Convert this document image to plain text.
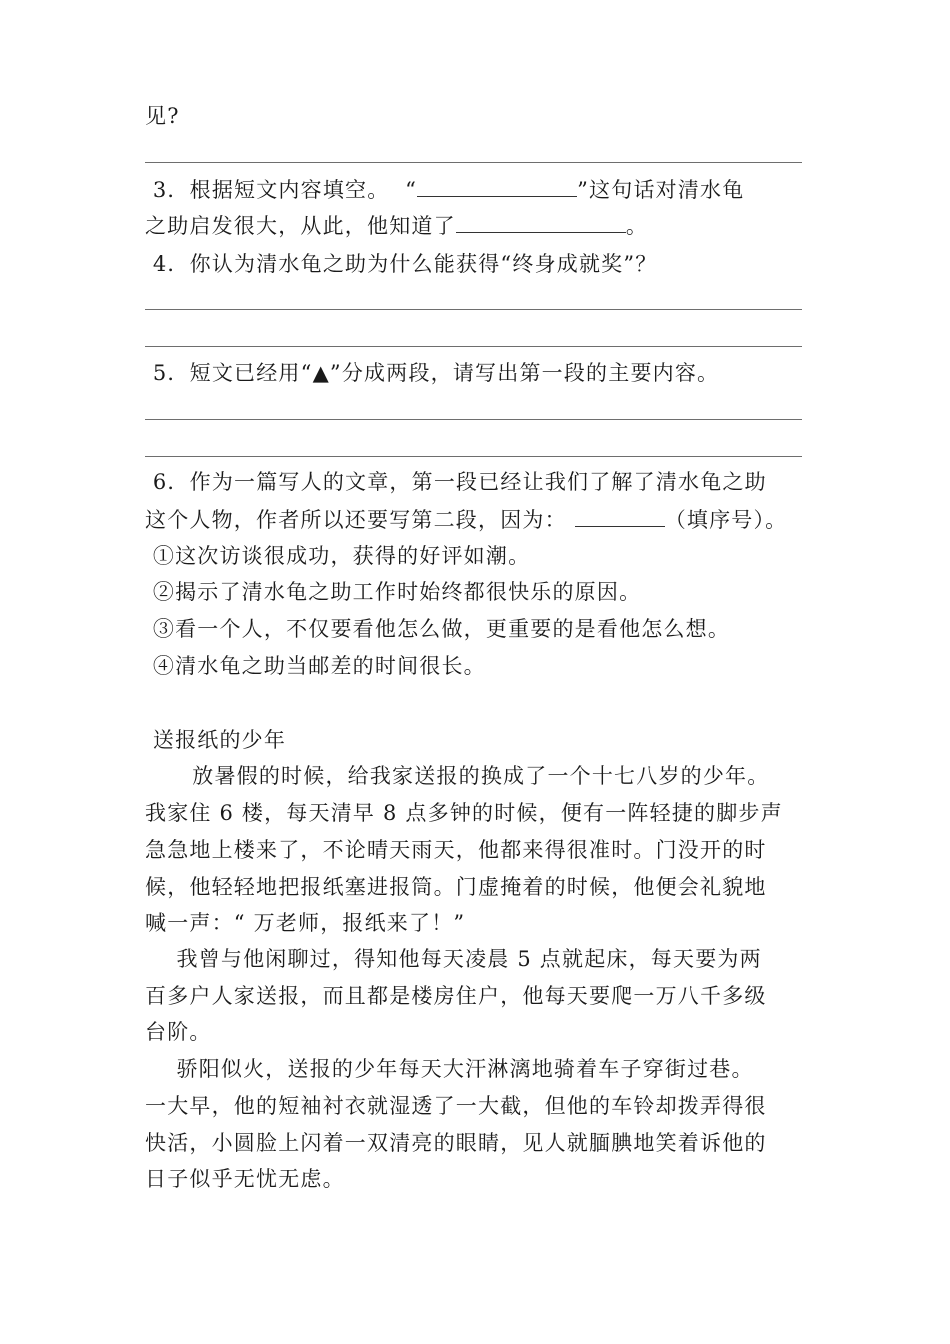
见?
3．根据短文内容填空。  “	”这句话对清水龟
之助启发很大，从此，他知道了	。
4．你认为清水龟之助为什么能获得“终身成就奖”？
5．短文已经用“▲”分成两段，请写出第一段的主要内容。
6．作为一篇写人的文章，第一段已经让我们了解了清水龟之助
这个人物，作者所以还要写第二段，因为：	（填序号）。
①这次访谈很成功，获得的好评如潮。
②揭示了清水龟之助工作时始终都很快乐的原因。
③看一个人，不仅要看他怎么做，更重要的是看他怎么想。
④清水龟之助当邮差的时间很长。
送报纸的少年
放暑假的时候，给我家送报的换成了一个十七八岁的少年。
我家住 6 楼，每天清早 8 点多钟的时候，便有一阵轻捷的脚步声
急急地上楼来了，不论晴天雨天，他都来得很准时。门没开的时
候，他轻轻地把报纸塞进报筒。门虚掩着的时候，他便会礼貌地
喊一声：“ 万老师，报纸来了！”
我曾与他闲聊过，得知他每天凌晨 5 点就起床，每天要为两
百多户人家送报，而且都是楼房住户，他每天要爬一万八千多级
台阶。
骄阳似火，送报的少年每天大汗淋漓地骑着车子穿街过巷。
一大早，他的短袖衬衣就湿透了一大截，但他的车铃却拨弄得很
快活，小圆脸上闪着一双清亮的眼睛，见人就腼腆地笑着诉他的
日子似乎无忧无虑。
